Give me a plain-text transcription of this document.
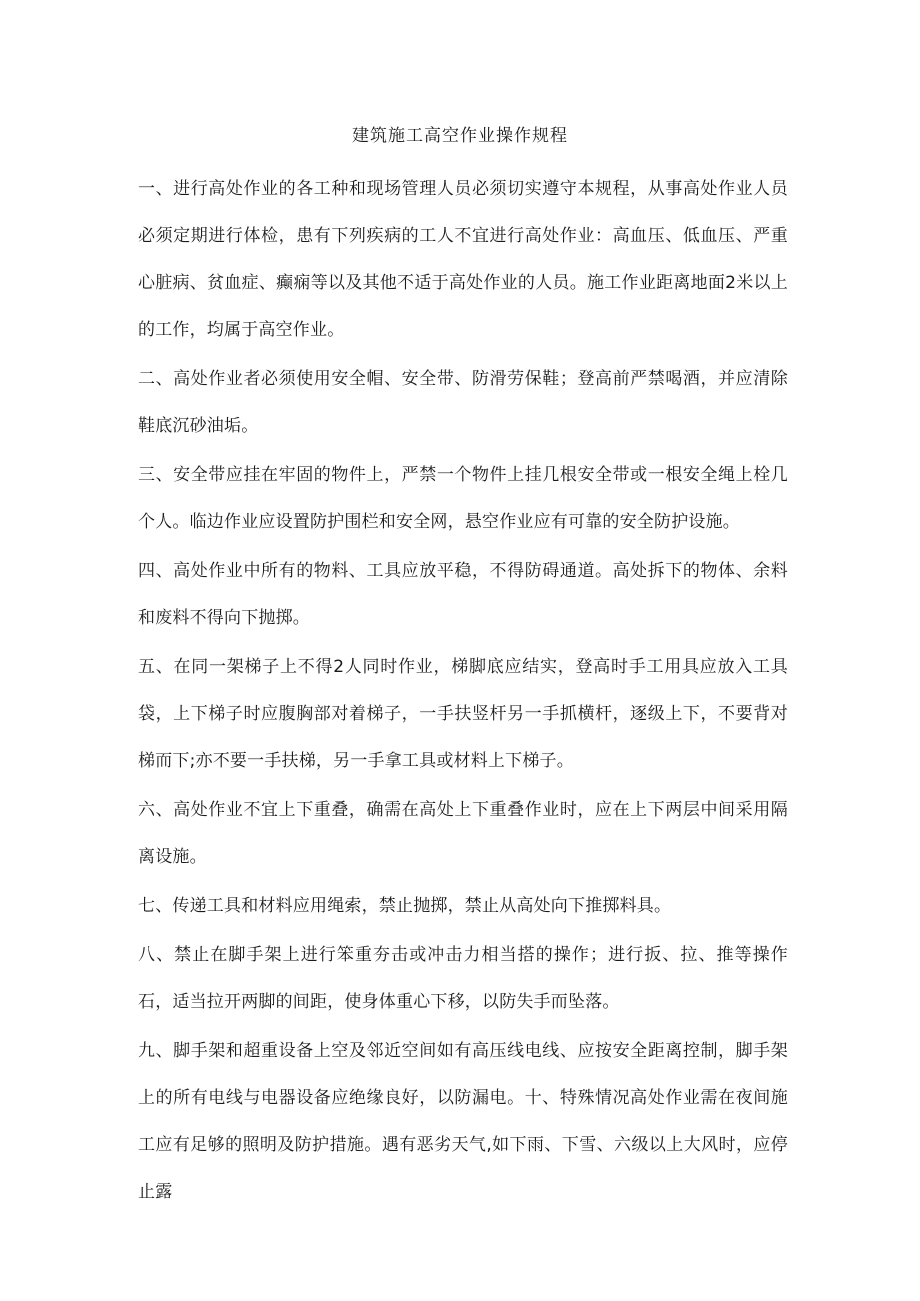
建筑施工高空作业操作规程

一、进行高处作业的各工种和现场管理人员必须切实遵守本规程，从事高处作业人员必须定期进行体检，患有下列疾病的工人不宜进行高处作业：高血压、低血压、严重心脏病、贫血症、癫痫等以及其他不适于高处作业的人员。施工作业距离地面2米以上的工作，均属于高空作业。

二、高处作业者必须使用安全帽、安全带、防滑劳保鞋；登高前严禁喝酒，并应清除鞋底沉砂油垢。

三、安全带应挂在牢固的物件上，严禁一个物件上挂几根安全带或一根安全绳上栓几个人。临边作业应设置防护围栏和安全网，悬空作业应有可靠的安全防护设施。

四、高处作业中所有的物料、工具应放平稳，不得防碍通道。高处拆下的物体、余料和废料不得向下抛掷。

五、在同一架梯子上不得2人同时作业，梯脚底应结实，登高时手工用具应放入工具袋，上下梯子时应腹胸部对着梯子，一手扶竖杆另一手抓横杆，逐级上下，不要背对梯而下;亦不要一手扶梯，另一手拿工具或材料上下梯子。

六、高处作业不宜上下重叠，确需在高处上下重叠作业时，应在上下两层中间采用隔离设施。

七、传递工具和材料应用绳索，禁止抛掷，禁止从高处向下推掷料具。

八、禁止在脚手架上进行笨重夯击或冲击力相当搭的操作；进行扳、拉、推等操作石，适当拉开两脚的间距，使身体重心下移，以防失手而坠落。

九、脚手架和超重设备上空及邻近空间如有高压线电线、应按安全距离控制，脚手架上的所有电线与电器设备应绝缘良好，以防漏电。十、特殊情况高处作业需在夜间施工应有足够的照明及防护措施。遇有恶劣天气,如下雨、下雪、六级以上大风时，应停止露
